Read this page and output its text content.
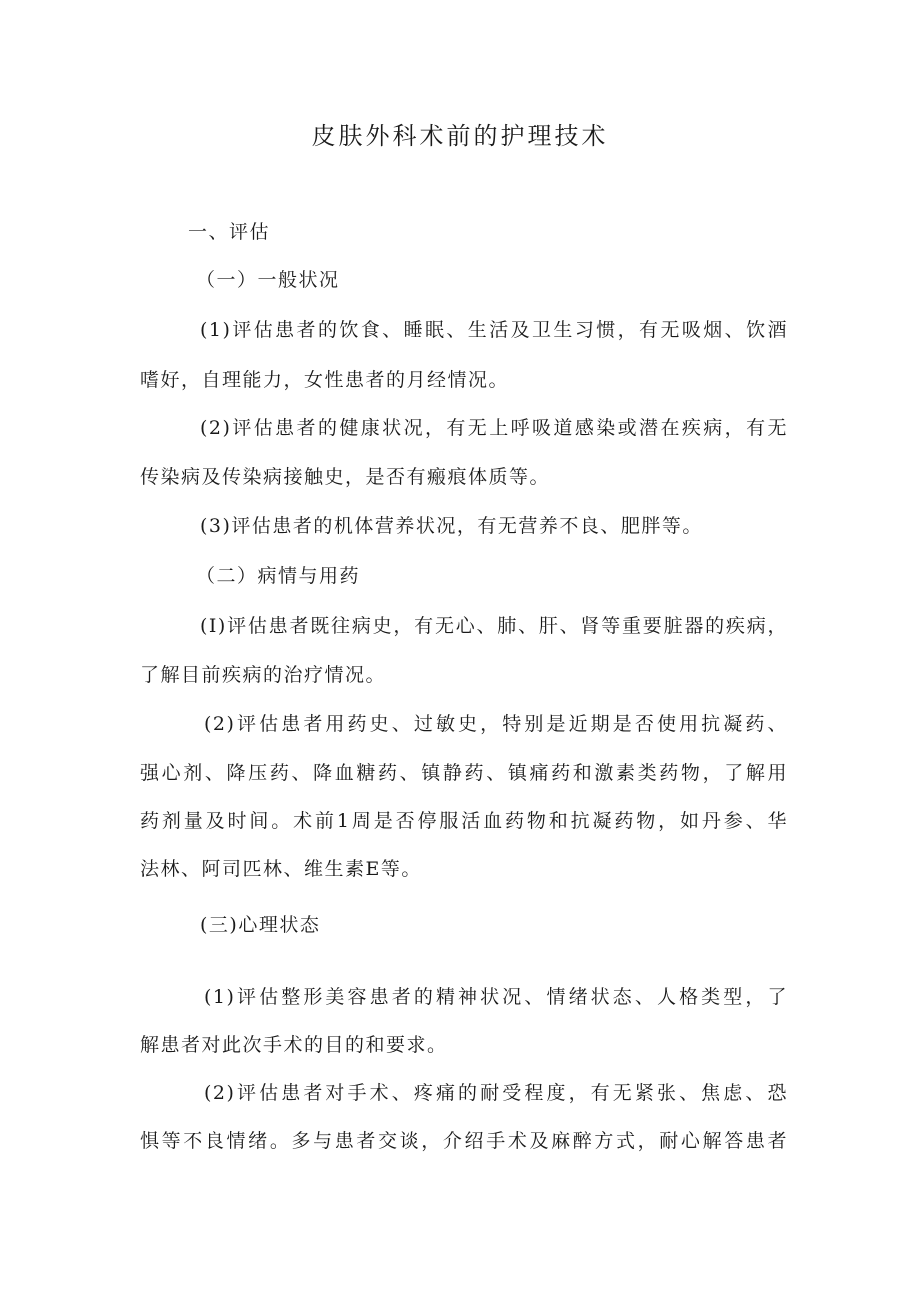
皮肤外科术前的护理技术
一、评估
（一）一般状况
(1)评估患者的饮食、睡眠、生活及卫生习惯，有无吸烟、饮酒
嗜好，自理能力，女性患者的月经情况。
(2)评估患者的健康状况，有无上呼吸道感染或潜在疾病，有无
传染病及传染病接触史，是否有瘢痕体质等。
(3)评估患者的机体营养状况，有无营养不良、肥胖等。
（二）病情与用药
(I)评估患者既往病史，有无心、肺、肝、肾等重要脏器的疾病，
了解目前疾病的治疗情况。
(2)评估患者用药史、过敏史，特别是近期是否使用抗凝药、
强心剂、降压药、降血糖药、镇静药、镇痛药和激素类药物，了解用
药剂量及时间。术前1周是否停服活血药物和抗凝药物，如丹参、华
法林、阿司匹林、维生素E等。
(三)心理状态
(1)评估整形美容患者的精神状况、情绪状态、人格类型，了
解患者对此次手术的目的和要求。
(2)评估患者对手术、疼痛的耐受程度，有无紧张、焦虑、恐
惧等不良情绪。多与患者交谈，介绍手术及麻醉方式，耐心解答患者
